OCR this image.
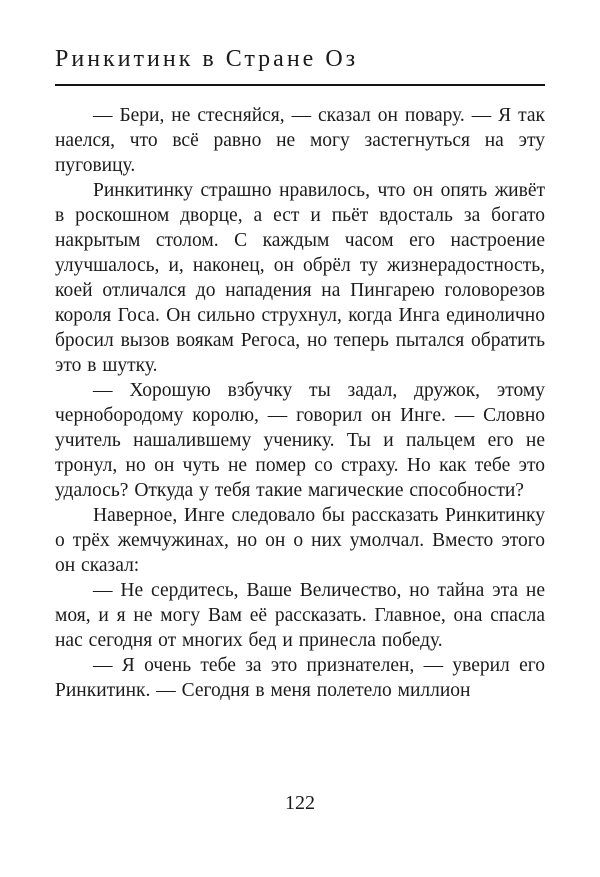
Ринкитинк в Стране Оз

— Бери, не стесняйся, — сказал он повару. — Я так наелся, что всё равно не могу застегнуться на эту пуговицу.

Ринкитинку страшно нравилось, что он опять живёт в роскошном дворце, а ест и пьёт вдосталь за богато накрытым столом. С каждым часом его настроение улучшалось, и, наконец, он обрёл ту жизнерадостность, коей отличался до нападения на Пингарею головорезов короля Госа. Он сильно струхнул, когда Инга единолично бросил вызов воякам Регоса, но теперь пытался обратить это в шутку.

— Хорошую взбучку ты задал, дружок, этому чернобородому королю, — говорил он Инге. — Словно учитель нашалившему ученику. Ты и пальцем его не тронул, но он чуть не помер со страху. Но как тебе это удалось? Откуда у тебя такие магические способности?

Наверное, Инге следовало бы рассказать Ринкитинку о трёх жемчужинах, но он о них умолчал. Вместо этого он сказал:

— Не сердитесь, Ваше Величество, но тайна эта не моя, и я не могу Вам её рассказать. Главное, она спасла нас сегодня от многих бед и принесла победу.

— Я очень тебе за это признателен, — уверил его Ринкитинк. — Сегодня в меня полетело миллион

122
